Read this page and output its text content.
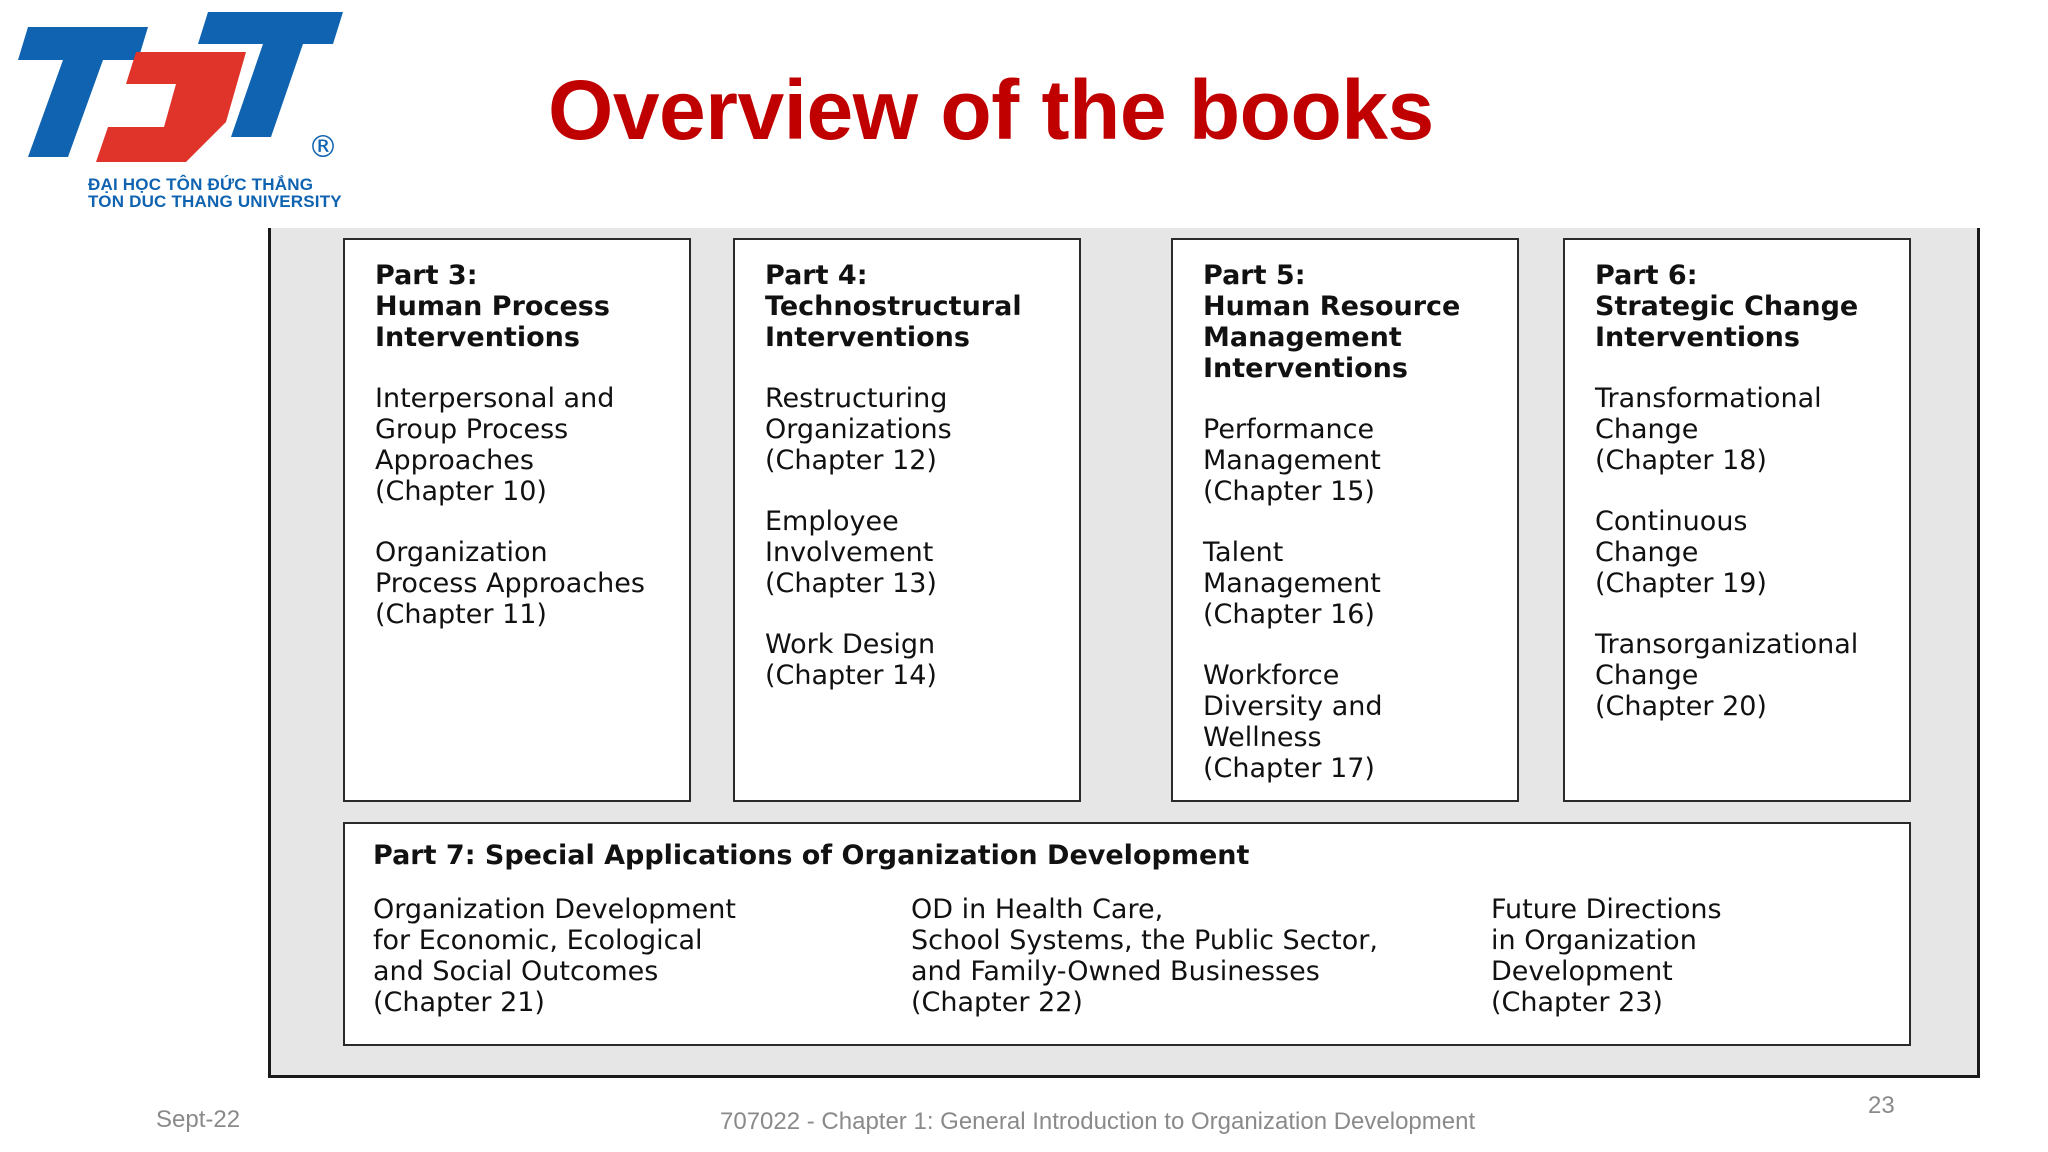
®
ĐẠI HỌC TÔN ĐỨC THẮNG
TON DUC THANG UNIVERSITY
Overview of the books
Part 3:
Human Process
Interventions
Interpersonal and
Group Process
Approaches
(Chapter 10)
Organization
Process Approaches
(Chapter 11)
Part 4:
Technostructural
Interventions
Restructuring
Organizations
(Chapter 12)
Employee
Involvement
(Chapter 13)
Work Design
(Chapter 14)
Part 5:
Human Resource
Management
Interventions
Performance
Management
(Chapter 15)
Talent
Management
(Chapter 16)
Workforce
Diversity and
Wellness
(Chapter 17)
Part 6:
Strategic Change
Interventions
Transformational
Change
(Chapter 18)
Continuous
Change
(Chapter 19)
Transorganizational
Change
(Chapter 20)
Part 7: Special Applications of Organization Development
Organization Development
for Economic, Ecological
and Social Outcomes
(Chapter 21)
OD in Health Care,
School Systems, the Public Sector,
and Family-Owned Businesses
(Chapter 22)
Future Directions
in Organization
Development
(Chapter 23)
Sept-22	707022 - Chapter 1: General Introduction to Organization Development
23
